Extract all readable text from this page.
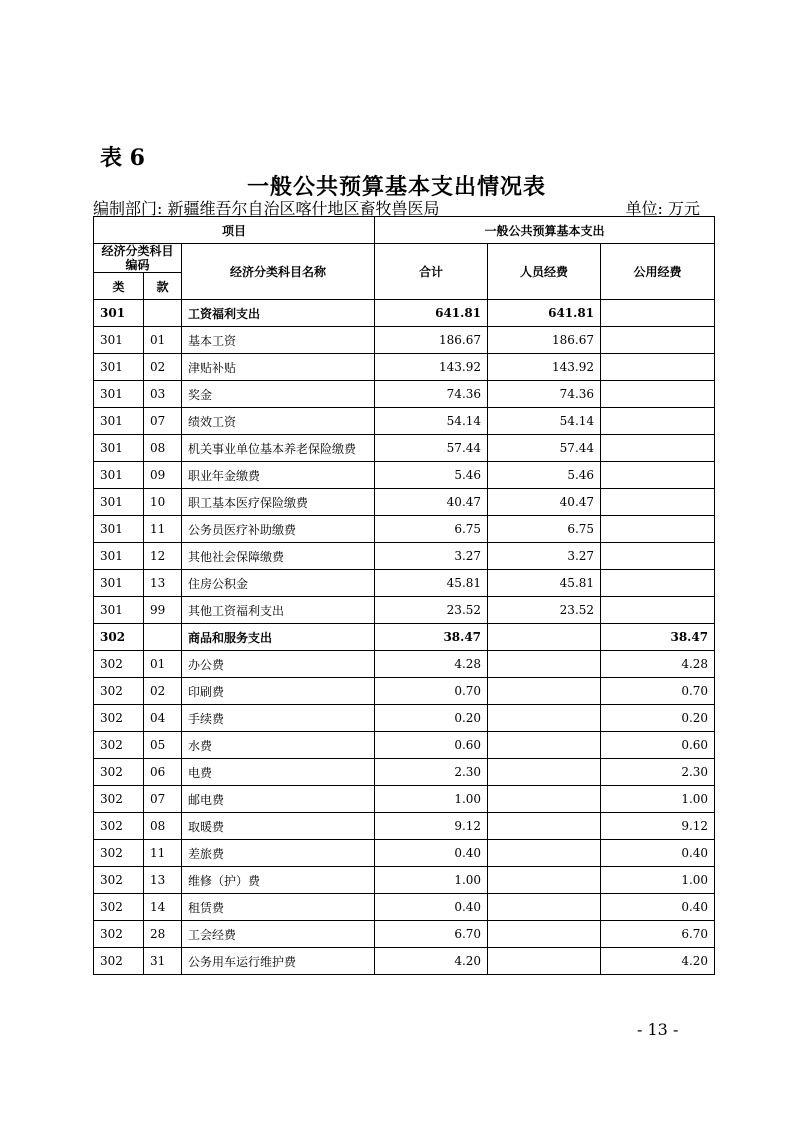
表 6
一般公共预算基本支出情况表
编制部门: 新疆维吾尔自治区喀什地区畜牧兽医局	单位: 万元
项目			一般公共预算基本支出		
经济分类科目编码		经济分类科目名称	合计	人员经费	公用经费
类	款				
301		工资福利支出	641.81	641.81	
301	01	基本工资	186.67	186.67	
301	02	津贴补贴	143.92	143.92	
301	03	奖金	74.36	74.36	
301	07	绩效工资	54.14	54.14	
301	08	机关事业单位基本养老保险缴费	57.44	57.44	
301	09	职业年金缴费	5.46	5.46	
301	10	职工基本医疗保险缴费	40.47	40.47	
301	11	公务员医疗补助缴费	6.75	6.75	
301	12	其他社会保障缴费	3.27	3.27	
301	13	住房公积金	45.81	45.81	
301	99	其他工资福利支出	23.52	23.52	
302		商品和服务支出	38.47		38.47
302	01	办公费	4.28		4.28
302	02	印刷费	0.70		0.70
302	04	手续费	0.20		0.20
302	05	水费	0.60		0.60
302	06	电费	2.30		2.30
302	07	邮电费	1.00		1.00
302	08	取暖费	9.12		9.12
302	11	差旅费	0.40		0.40
302	13	维修（护）费	1.00		1.00
302	14	租赁费	0.40		0.40
302	28	工会经费	6.70		6.70
302	31	公务用车运行维护费	4.20		4.20
- 13 -
